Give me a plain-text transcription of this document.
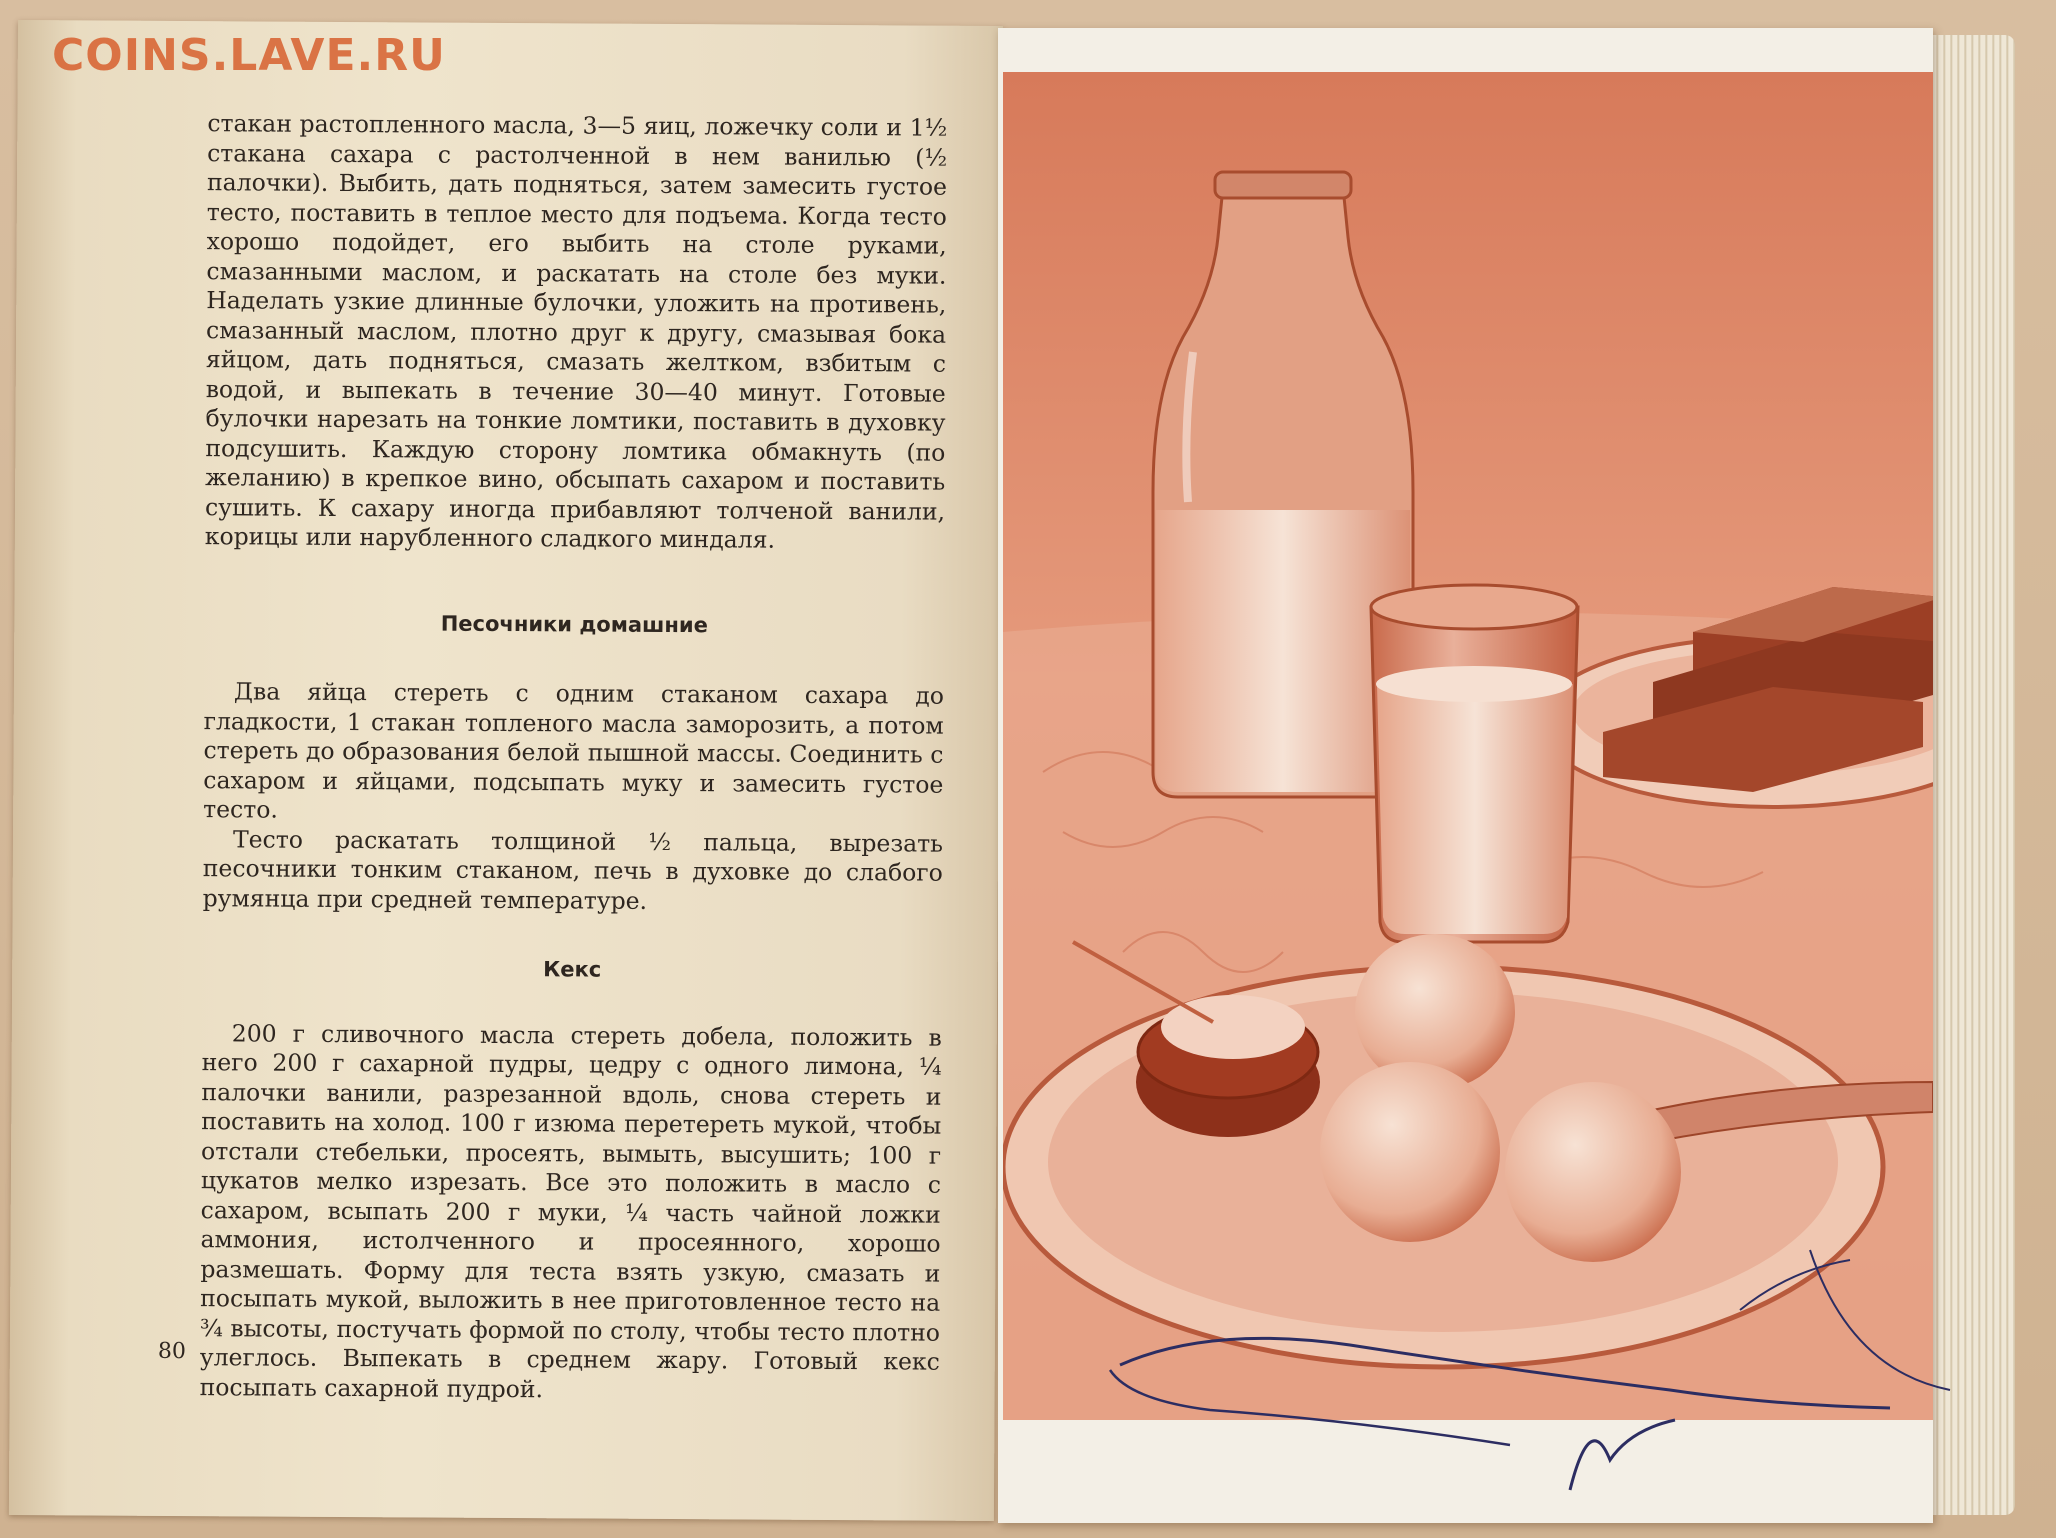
стакан растопленного масла, 3—5 яиц, ложечку соли и 1½ стакана сахара с растолченной в нем ванилью (½ палочки). Выбить, дать подняться, затем замесить густое тесто, поставить в теплое место для подъема. Когда тесто хорошо подойдет, его выбить на столе руками, смазанными маслом, и раскатать на столе без муки. Наделать узкие длинные булочки, уложить на противень, смазанный маслом, плотно друг к другу, смазывая бока яйцом, дать подняться, смазать желтком, взбитым с водой, и выпекать в течение 30—40 минут. Готовые булочки нарезать на тонкие ломтики, поставить в духовку подсушить. Каждую сторону ломтика обмакнуть (по желанию) в крепкое вино, обсыпать сахаром и поставить сушить. К сахару иногда прибавляют толченой ванили, корицы или нарубленного сладкого миндаля.

Песочники домашние

Два яйца стереть с одним стаканом сахара до гладкости, 1 стакан топленого масла заморозить, а потом стереть до образования белой пышной массы. Соединить с сахаром и яйцами, подсыпать муку и замесить густое тесто.

Тесто раскатать толщиной ½ пальца, вырезать песочники тонким стаканом, печь в духовке до слабого румянца при средней температуре.

Кекс

200 г сливочного масла стереть добела, положить в него 200 г сахарной пудры, цедру с одного лимона, ¼ палочки ванили, разрезанной вдоль, снова стереть и поставить на холод. 100 г изюма перетереть мукой, чтобы отстали стебельки, просеять, вымыть, высушить; 100 г цукатов мелко изрезать. Все это положить в масло с сахаром, всыпать 200 г муки, ¼ часть чайной ложки аммония, истолченного и просеянного, хорошо размешать. Форму для теста взять узкую, смазать и посыпать мукой, выложить в нее приготовленное тесто на ¾ высоты, постучать формой по столу, чтобы тесто плотно улеглось. Выпекать в среднем жару. Готовый кекс посыпать сахарной пудрой.

80
COINS.LAVE.RU
